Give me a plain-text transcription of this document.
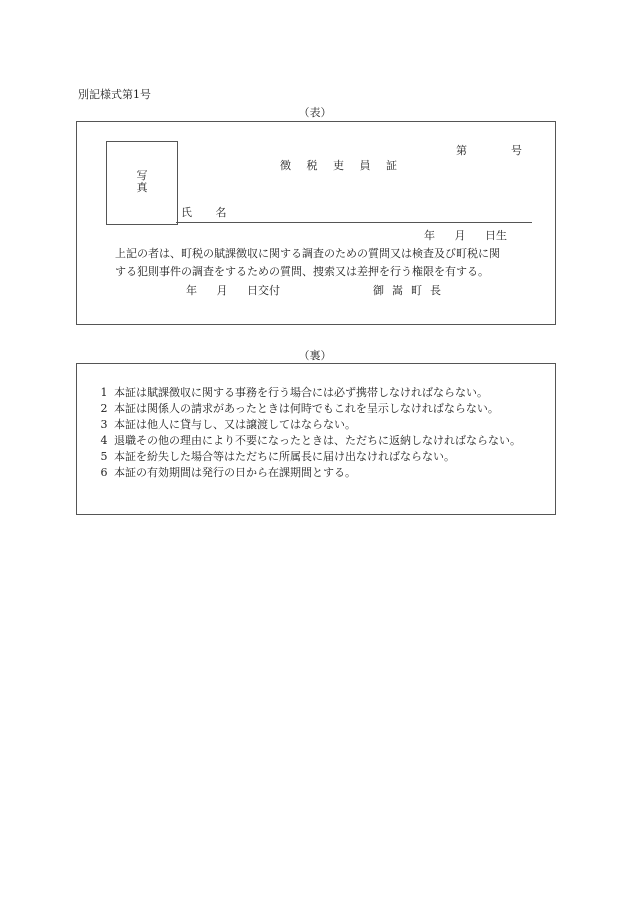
別記様式第1号
（表）
写
真
第　　　　号
徴 税 吏 員 証
氏 名
年 月 日生
上記の者は、町税の賦課徴収に関する調査のための質問又は検査及び町税に関
する犯則事件の調査をするための質問、捜索又は差押を行う権限を有する。
年 月 日交付	御嵩町長
（裏）
1 本証は賦課徴収に関する事務を行う場合には必ず携帯しなければならない。
2 本証は関係人の請求があったときは何時でもこれを呈示しなければならない。
3 本証は他人に貸与し、又は譲渡してはならない。
4 退職その他の理由により不要になったときは、ただちに返納しなければならない。
5 本証を紛失した場合等はただちに所属長に届け出なければならない。
6 本証の有効期間は発行の日から在課期間とする。
